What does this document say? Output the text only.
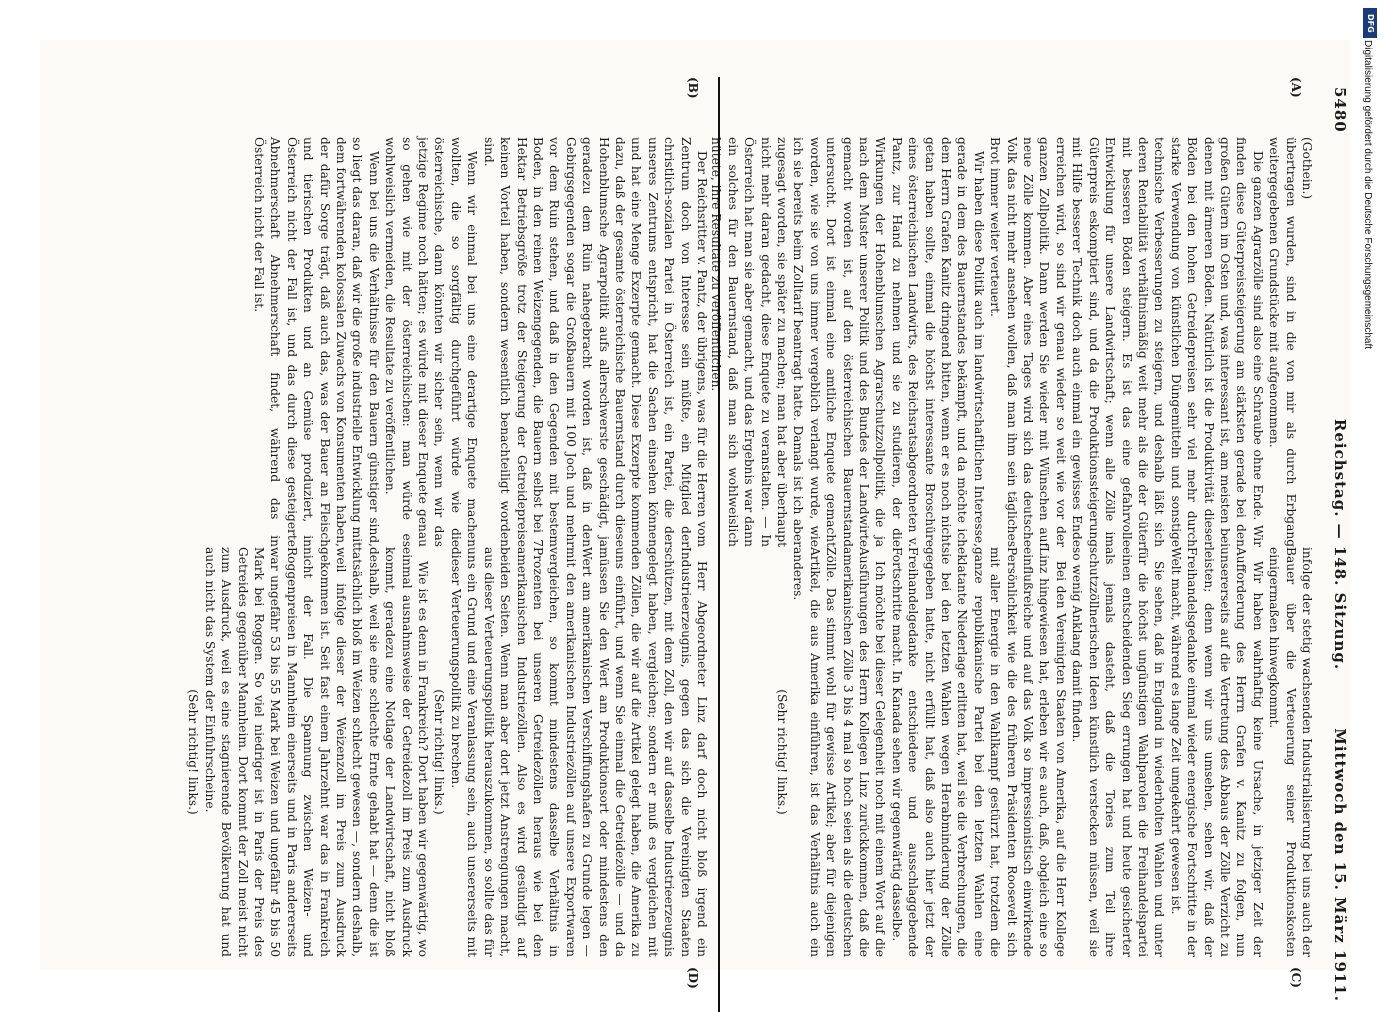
5480
Reichstag. — 148. Sitzung.
Mittwoch den 15. März 1911.
(A)
(B)
(C)
(D)

(Gothein.)

übertragen wurden, sind in die von mir als durch Erbgang weitergegebenen Grundstücke mit aufgenommen.

Die ganzen Agrarzölle sind also eine Schraube ohne Ende. Wir finden diese Güterpreissteigerung am stärksten gerade bei den großen Gütern im Osten und, was interessant ist, am meisten bei denen mit ärmeren Böden. Natürlich ist die Produktivität dieser Böden bei den hohen Getreidepreisen sehr viel mehr durch starke Verwendung von künstlichen Düngemitteln und sonstige technische Verbesserungen zu steigern, und deshalb läßt sich deren Rentabilität verhältnismäßig weit mehr als die der Güter mit besseren Böden steigern. Es ist das eine gefahrvolle Entwicklung für unsere Landwirtschaft; wenn alle Zölle im Güterpreis eskomptiert sind, und da die Produktionssteigerung mit Hilfe besserer Technik doch auch einmal ein gewisses Ende erreichen wird, so sind wir genau wieder so weit wie vor der ganzen Zollpolitik. Dann werden Sie wieder mit Wünschen auf neue Zölle kommen. Aber eines Tages wird sich das deutsche Volk das nicht mehr ansehen wollen, daß man ihm sein tägliches Brot immer weiter verteuert.

Wir haben diese Politik auch im landwirtschaftlichen Interesse, gerade in dem des Bauernstandes bekämpft, und da möchte ich dem Herrn Grafen Kanitz dringend bitten, wenn er es noch nicht getan haben sollte, einmal die höchst interessante Broschüre eines österreichischen Landwirts, des Reichsratsabgeordneten v. Pantz, zur Hand zu nehmen und sie zu studieren, der die Wirkungen der Hohenblumschen Agrarschutzzollpolitik, die ja nach dem Muster unserer Politik und des Bundes der Landwirte gemacht worden ist, auf den österreichischen Bauernstand untersucht. Dort ist einmal eine amtliche Enquete gemacht worden, wie sie von uns immer vergeblich verlangt wurde, wie ich sie bereits beim Zolltarif beantragt hatte. Damals ist ich aber zugesagt worden, sie später zu machen; man hat aber überhaupt nicht mehr daran gedacht, diese Enquete zu veranstalten. — In Österreich hat man sie aber gemacht, und das Ergebnis war dann ein solches für den Bauernstand, daß man sich wohlweislich hütete, ihre Resultate zu veröffentlichen.

infolge der stetig wachsenden Industrialisierung bei uns auch der Bauer über die Verteuerung seiner Produktionskosten einigermaßen hinwegkommt.

Wir haben wahrhaftig keine Ursache, in jetziger Zeit der Aufforderung des Herrn Grafen v. Kanitz zu folgen, nun unsererseits auf die Vertretung des Abbaus der Zölle Verzicht zu leisten; denn wenn wir uns umsehen, sehen wir, daß der Freihandelsgedanke einmal wieder energische Fortschritte in der Welt macht, während es lange Zeit umgekehrt gewesen ist.

Sie sehen, daß in England in wiederholten Wahlen und unter für die höchst ungünstigen Wahlparolen die Freihandelspartei einen entscheidenden Sieg errungen hat und heute gesicherter als jemals dasteht, daß die Tories zum Teil ihre schutzzöllnerischen Ideen künstlich verstecken müssen, weil sie so wenig Anklang damit finden.

Bei den Vereinigten Staaten von Amerika, auf die Herr Kollege Linz hingewiesen hat, erleben wir es auch, daß, obgleich eine so einflußreiche und auf das Volk so impressionistisch einwirkende Persönlichkeit wie die des früheren Präsidenten Roosevelt sich mit aller Energie in den Wahlkampf gestürzt hat, trotzdem die ganze republikanische Partei bei den letzten Wahlen eine eklatante Niederlage erlitten hat, weil sie die Verbrechungen, die sie bei den letzten Wahlen wegen Herabminderung der Zölle gegeben hatte, nicht erfüllt hat, daß also auch hier jetzt der Freihandelgedanke entschiedene und ausschlaggebende Fortschritte macht. In Kanada sehen wir gegenwärtig dasselbe.

Ich möchte bei dieser Gelegenheit noch mit einem Wort auf die Ausführungen des Herrn Kollegen Linz zurückkommen, daß die amerikanischen Zölle 3 bis 4 mal so hoch seien als die deutschen Zölle. Das stimmt wohl für gewisse Artikel; aber für diejenigen Artikel, die aus Amerika einführen, ist das Verhältnis auch ein anderes.

(Sehr richtig! links.)

Der Reichsritter v. Pantz, der übrigens, was für die Herren vom Zentrum doch von Interesse sein müßte, ein Mitglied der christlich-sozialen Partei in Österreich ist, ein Partei, die der unseres Zentrums entspricht, hat die Sachen einsehen können und hat eine Menge Exzerpte gemacht. Diese Exzerpte kommen dazu, daß der gesamte österreichische Bauernstand durch diese Hohenblumsche Agrarpolitik aufs allerschwerste geschädigt, ja geradezu dem Ruin nahegebracht worden ist, daß in den Gebirgsgegenden sogar die Großbauern mit 100 Joch und mehr vor dem Ruin stehen, und daß in den Gegenden mit bestem Boden, in den reinen Weizengegenden, die Bauern selbst bei 7 Hektar Betriebsgröße trotz der Steigerung der Getreidepreise keinen Vorteil haben, sondern wesentlich benachteiligt worden sind.

Wenn wir einmal bei uns eine derartige Enquete machen wollten, die so sorgfältig durchgeführt würde wie die österreichische, dann könnten wir sicher sein, wenn wir das jetzige Regime noch hätten; es würde mit dieser Enquete genau so gehen wie mit der österreichischen: man würde es wohlweislich vermeiden, die Resultate zu veröffentlichen.

Wenn bei uns die Verhältnisse für den Bauern günstiger sind, so liegt das daran, daß wir die große industrielle Entwicklung mit dem fortwährenden kolossalen Zuwachs von Konsumenten haben, der dafür Sorge trägt, daß auch das, was der Bauer an Fleisch und tierischen Produkten und an Gemüse produziert, in Österreich nicht der Fall ist, und das durch diese gesteigerte Abnehmerschaft Abnehmerschaft findet, während das in Österreich nicht der Fall ist.

Herr Abgeordneter Linz darf doch nicht bloß irgend ein Industrieerzeugnis, gegen das sich die Vereinigten Staaten schützen, mit dem Zoll, den wir auf dasselbe Industrieerzeugnis gelegt haben, vergleichen; sondern er muß es vergleichen mit den Zöllen, die wir auf die Artikel gelegt haben, die Amerika zu uns einführt, und wenn Sie einmal die Getreidezölle — und da müssen Sie den Wert am Produktionsort oder mindestens den Wert am amerikanischen Verschiffungshafen zu Grunde legen — mit den amerikanischen Industriezöllen auf unsere Exportwaren vergleichen, so kommt mindestens dasselbe Verhältnis in Prozenten bei unseren Getreidezöllen heraus wie bei den amerikanischen Industriezöllen. Also es wird gesündigt auf beiden Seiten. Wenn man aber dort jetzt Anstrengungen macht, aus dieser Verteuerungspolitik herauszukommen, so sollte das für uns ein Grund und eine Veranlassung sein, auch unsererseits mit dieser Verteuerungspolitik zu brechen.

(Sehr richtig! links.)

Wie ist es denn in Frankreich? Dort haben wir gegenwärtig, wo einmal ausnahmsweise der Getreidezoll im Preis zum Ausdruck kommt, geradezu eine Notlage der Landwirtschaft, nicht bloß deshalb, weil sie eine schlechte Ernte gehabt hat — denn die ist tatsächlich bloß im Weizen schlecht gewesen —, sondern deshalb, weil infolge dieser der Weizenzoll im Preis zum Ausdruck gekommen ist. Seit fast einem Jahrzehnt war das in Frankreich nicht der Fall. Die Spannung zwischen Weizen- und Roggenpreisen in Mannheim einerseits und in Paris andererseits war ungefähr 53 bis 55 Mark bei Weizen und ungefähr 45 bis 50 Mark bei Roggen. So viel niedriger ist in Paris der Preis des Getreides gegenüber Mannheim. Dort kommt der Zoll meist nicht zum Ausdruck, weil es eine stagnierende Bevölkerung hat und auch nicht das System der Einfuhrscheine.

(Sehr richtig! links.)

DFG
Digitalisierung gefördert durch die Deutsche Forschungsgemeinschaft
